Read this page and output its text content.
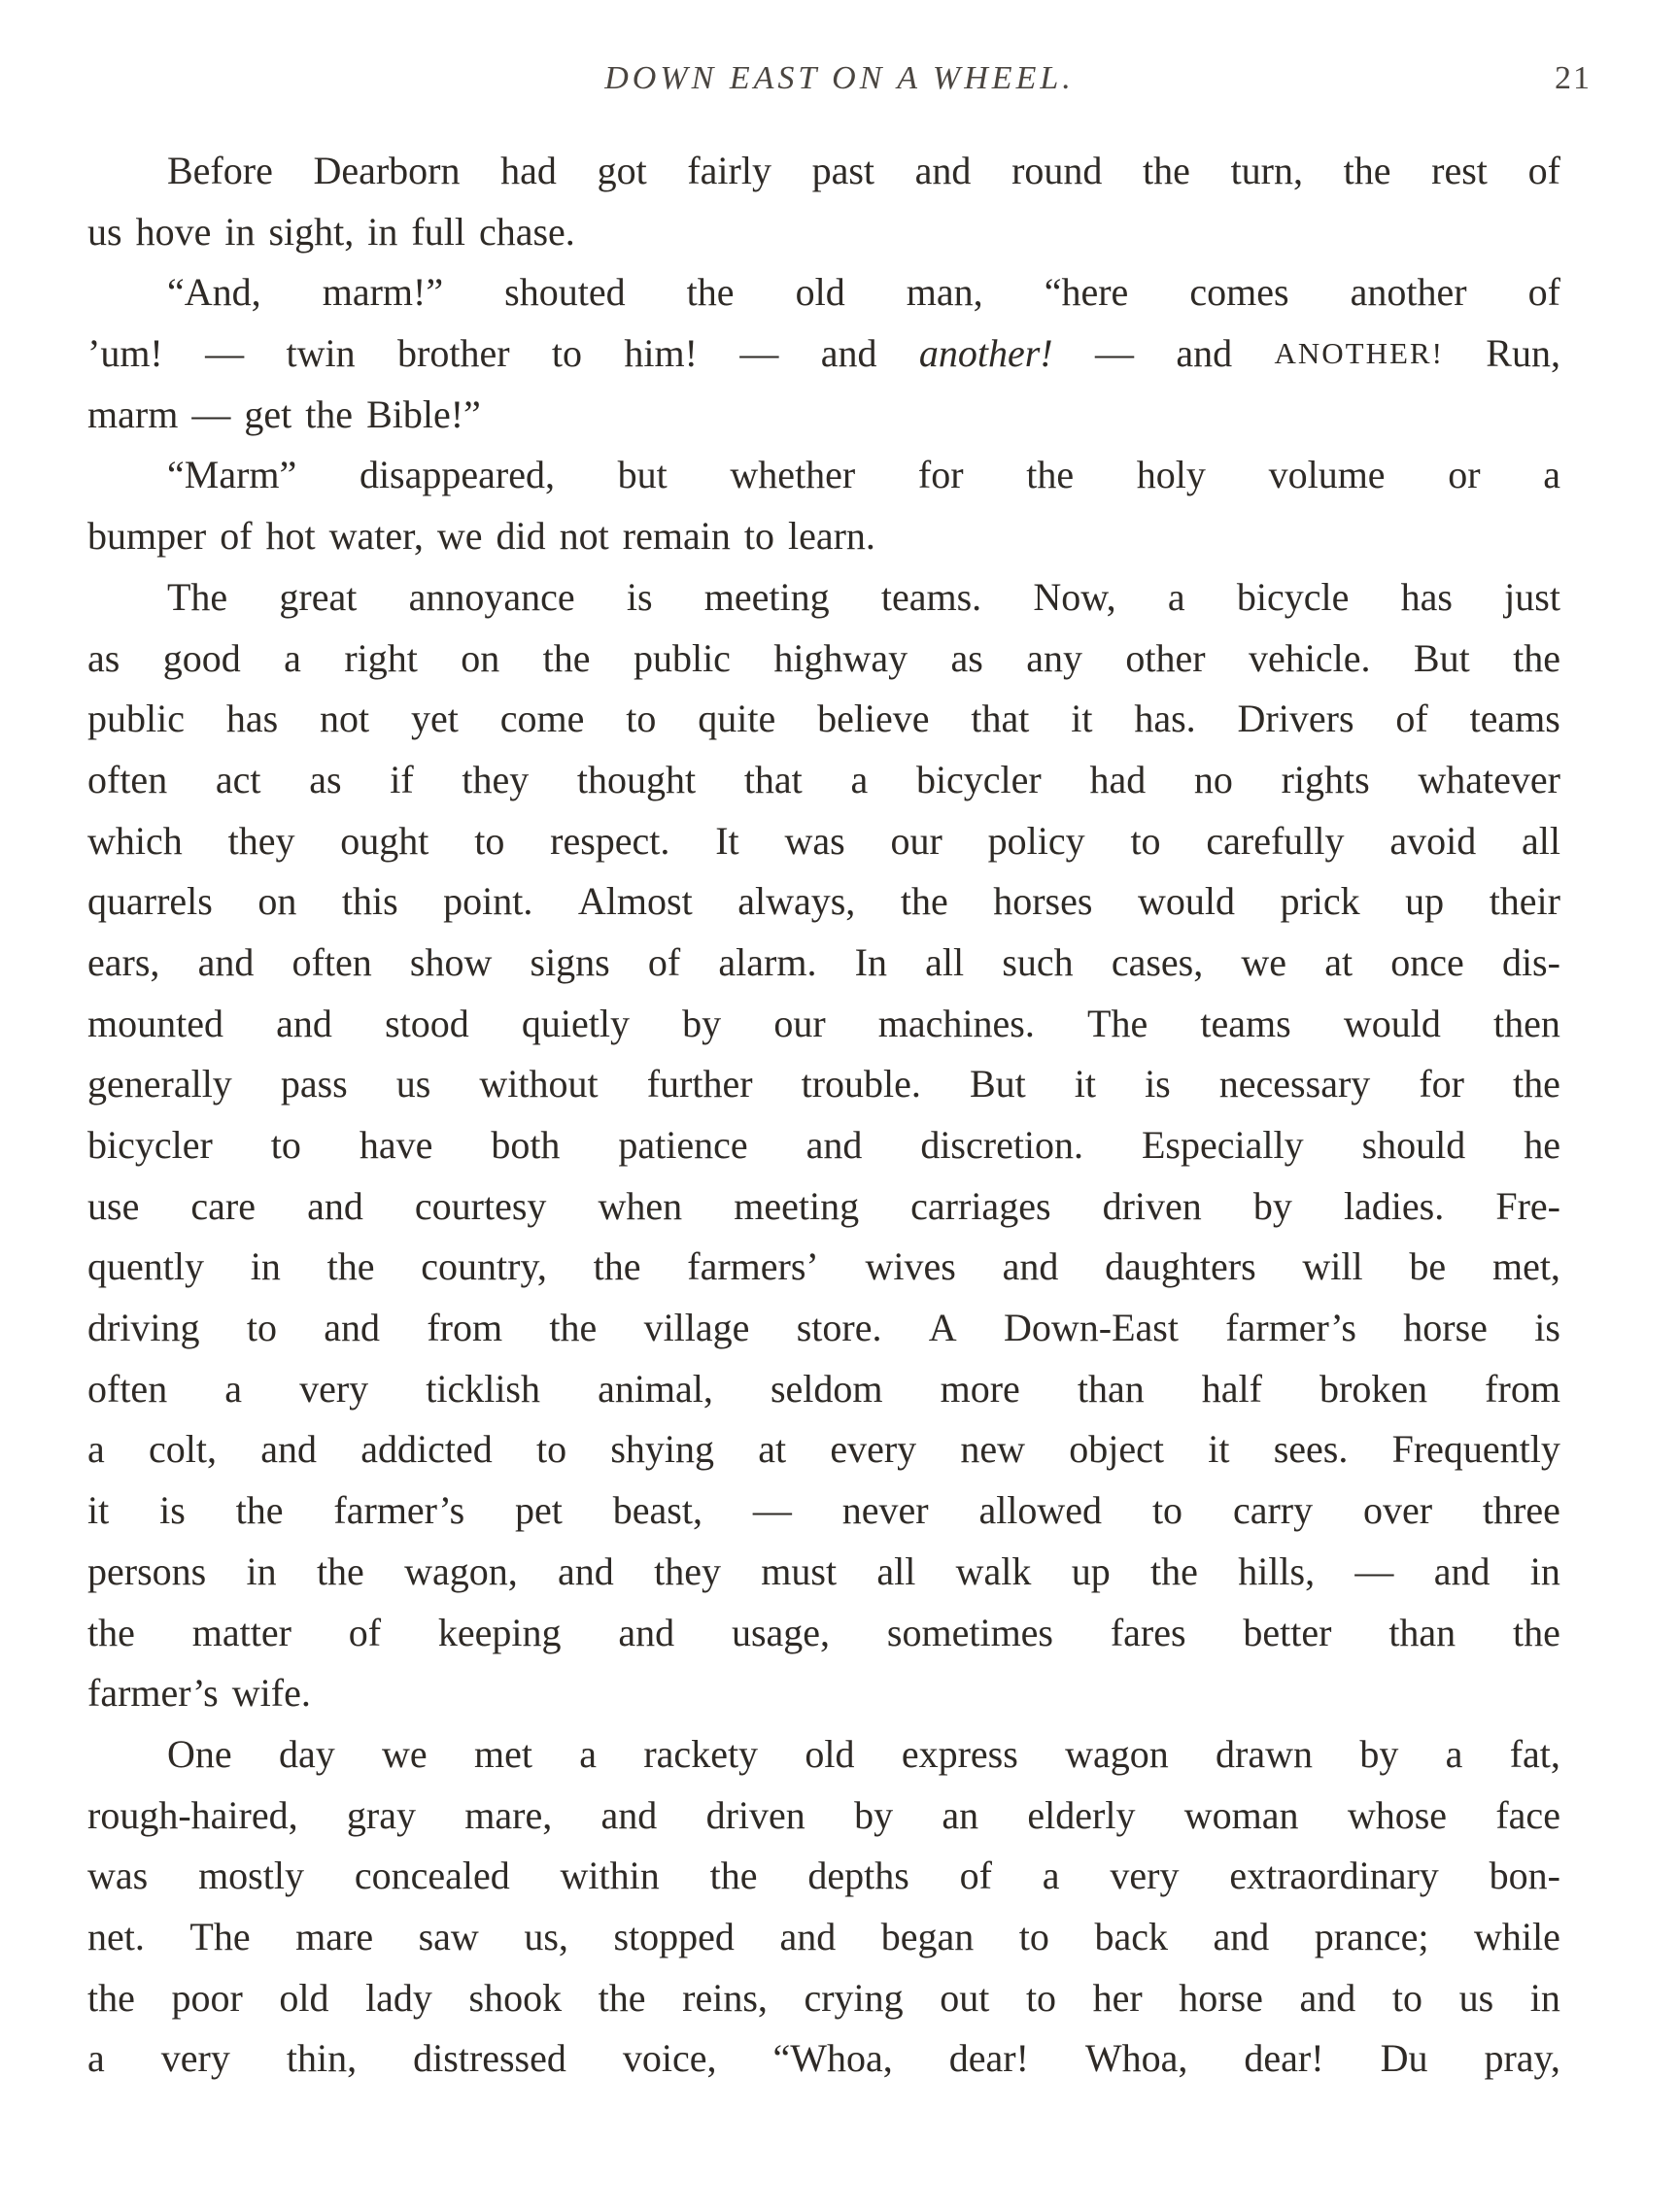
DOWN EAST ON A WHEEL.	21
Before Dearborn had got fairly past and round the turn, the rest of
us hove in sight, in full chase.
“And, marm!” shouted the old man, “here comes another of
’um! — twin brother to him! — and another! — and ANOTHER! Run,
marm — get the Bible!”
“Marm” disappeared, but whether for the holy volume or a
bumper of hot water, we did not remain to learn.
The great annoyance is meeting teams. Now, a bicycle has just
as good a right on the public highway as any other vehicle. But the
public has not yet come to quite believe that it has. Drivers of teams
often act as if they thought that a bicycler had no rights whatever
which they ought to respect. It was our policy to carefully avoid all
quarrels on this point. Almost always, the horses would prick up their
ears, and often show signs of alarm. In all such cases, we at once dis-
mounted and stood quietly by our machines. The teams would then
generally pass us without further trouble. But it is necessary for the
bicycler to have both patience and discretion. Especially should he
use care and courtesy when meeting carriages driven by ladies. Fre-
quently in the country, the farmers’ wives and daughters will be met,
driving to and from the village store. A Down-East farmer’s horse is
often a very ticklish animal, seldom more than half broken from
a colt, and addicted to shying at every new object it sees. Frequently
it is the farmer’s pet beast, — never allowed to carry over three
persons in the wagon, and they must all walk up the hills, — and in
the matter of keeping and usage, sometimes fares better than the
farmer’s wife.
One day we met a rackety old express wagon drawn by a fat,
rough-haired, gray mare, and driven by an elderly woman whose face
was mostly concealed within the depths of a very extraordinary bon-
net. The mare saw us, stopped and began to back and prance; while
the poor old lady shook the reins, crying out to her horse and to us in
a very thin, distressed voice, “Whoa, dear! Whoa, dear! Du pray,
